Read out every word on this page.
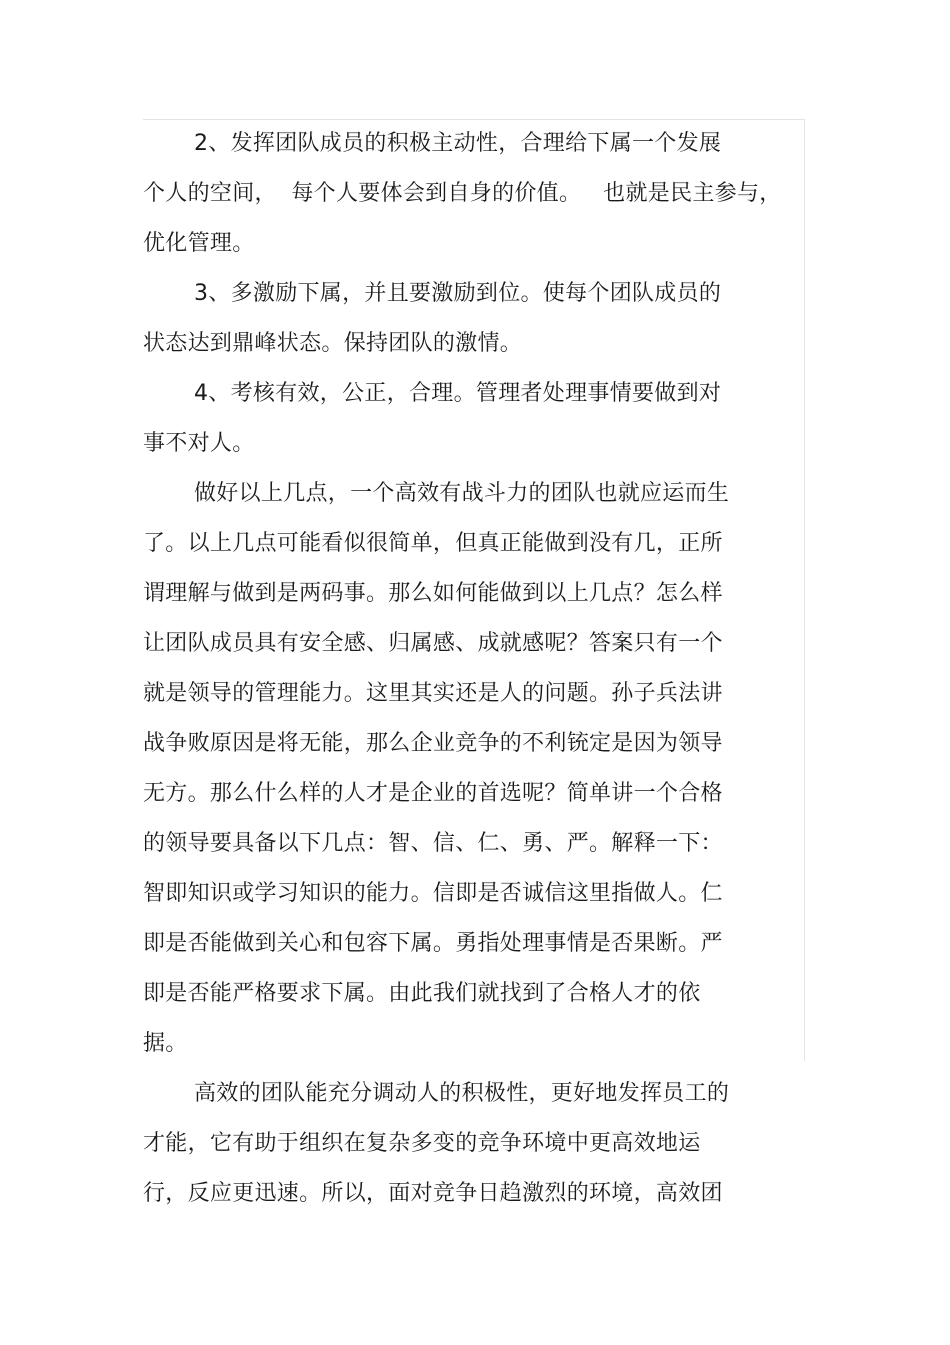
2、发挥团队成员的积极主动性，合理给下属一个发展
个人的空间，  每个人要体会到自身的价值。   也就是民主参与，
优化管理。
3、多激励下属，并且要激励到位。使每个团队成员的
状态达到鼎峰状态。保持团队的激情。
4、考核有效，公正，合理。管理者处理事情要做到对
事不对人。
做好以上几点，一个高效有战斗力的团队也就应运而生
了。以上几点可能看似很简单，但真正能做到没有几，正所
谓理解与做到是两码事。那么如何能做到以上几点？怎么样
让团队成员具有安全感、归属感、成就感呢？答案只有一个
就是领导的管理能力。这里其实还是人的问题。孙子兵法讲
战争败原因是将无能，那么企业竞争的不利铳定是因为领导
无方。那么什么样的人才是企业的首选呢？简单讲一个合格
的领导要具备以下几点：智、信、仁、勇、严。解释一下：
智即知识或学习知识的能力。信即是否诚信这里指做人。仁
即是否能做到关心和包容下属。勇指处理事情是否果断。严
即是否能严格要求下属。由此我们就找到了合格人才的依
据。
高效的团队能充分调动人的积极性，更好地发挥员工的
才能，它有助于组织在复杂多变的竞争环境中更高效地运
行，反应更迅速。所以，面对竞争日趋激烈的环境，高效团
